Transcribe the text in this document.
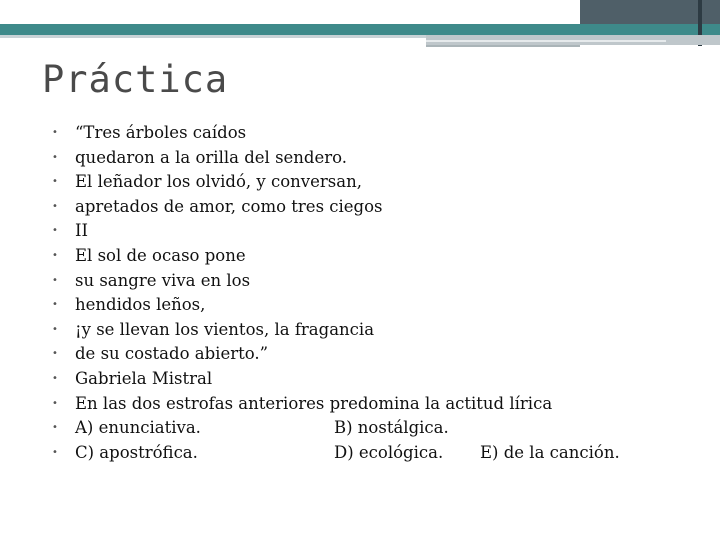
Práctica
•	“Tres árboles caídos
•	quedaron a la orilla del sendero.
•	El leñador los olvidó, y conversan,
•	apretados de amor, como tres ciegos
•	II
•	El sol de ocaso pone
•	su sangre viva en los
•	hendidos leños,
•	¡y se llevan los vientos, la fragancia
•	de su costado abierto.”
•	Gabriela Mistral
•	En las dos estrofas anteriores predomina la actitud lírica
•	A) enunciativa.	B) nostálgica.
•	C) apostrófica.	D) ecológica. E) de la canción.
